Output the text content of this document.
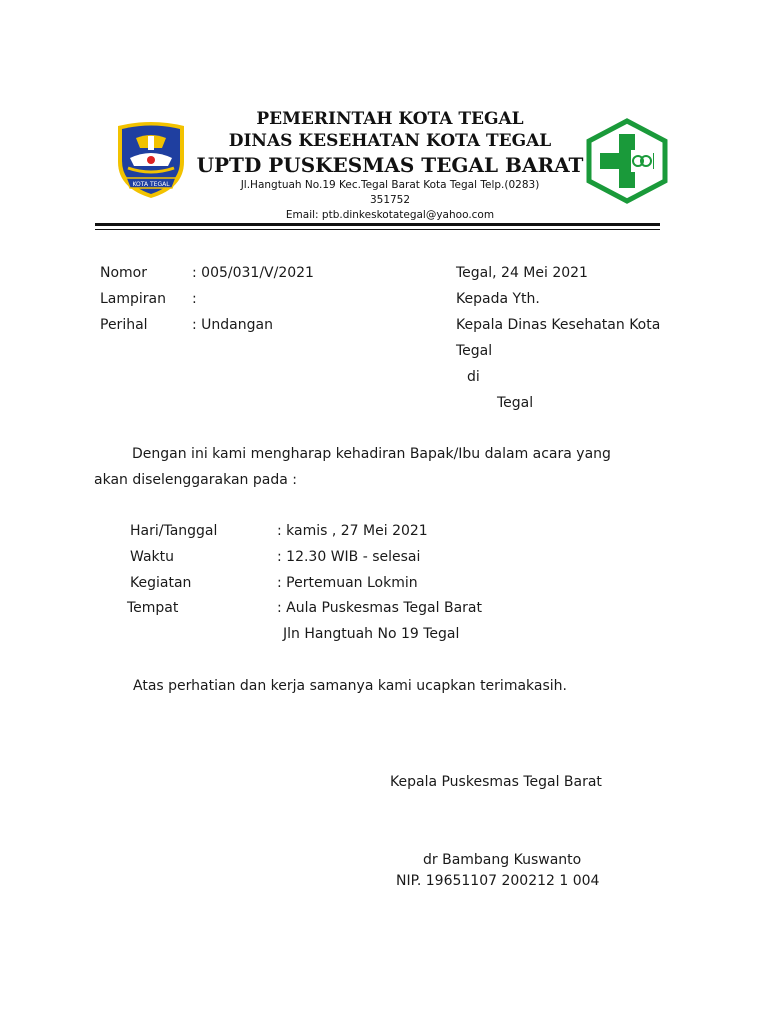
KOTA TEGAL
PEMERINTAH KOTA TEGAL
DINAS KESEHATAN KOTA TEGAL
UPTD PUSKESMAS TEGAL BARAT
Jl.Hangtuah No.19 Kec.Tegal Barat Kota Tegal Telp.(0283)
351752
Email: ptb.dinkeskotategal@yahoo.com
Nomor	: 005/031/V/2021
Lampiran :
Perihal	: Undangan
Tegal, 24 Mei 2021
Kepada Yth.
Kepala Dinas Kesehatan Kota
Tegal
di
Tegal
Dengan ini kami mengharap kehadiran Bapak/Ibu dalam acara yang
akan diselenggarakan pada :
Hari/Tanggal	: kamis , 27 Mei 2021
Waktu	: 12.30 WIB - selesai
Kegiatan	: Pertemuan Lokmin
Tempat	: Aula Puskesmas Tegal Barat
Jln Hangtuah No 19 Tegal
Atas perhatian dan kerja samanya kami ucapkan terimakasih.
Kepala Puskesmas Tegal Barat
dr Bambang Kuswanto
NIP. 19651107 200212 1 004
